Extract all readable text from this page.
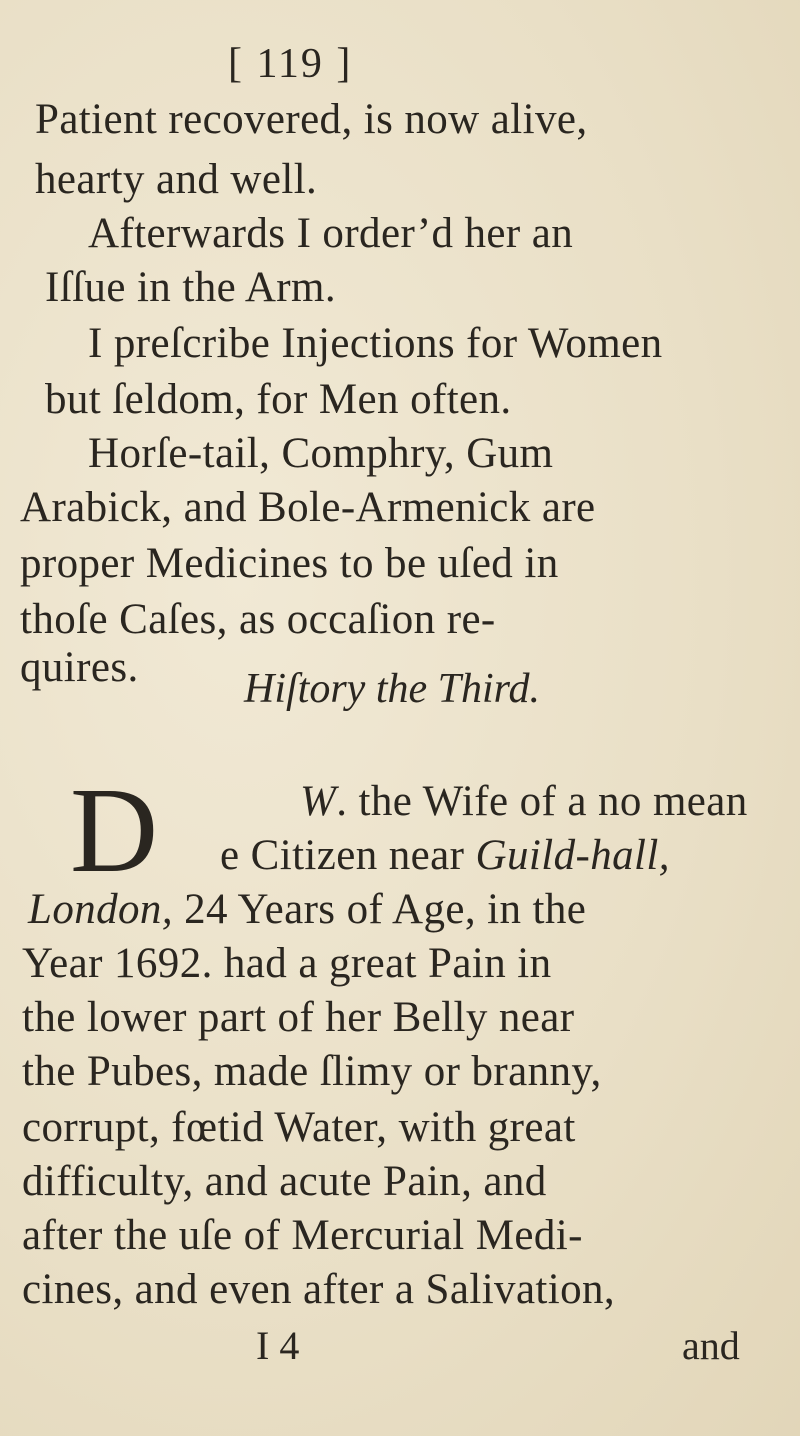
[ 119 ]

Patient recovered, is now alive,

hearty and well.

Afterwards I order’d her an

Iſſue in the Arm.

I preſcribe Injections for Women

but ſeldom, for Men often.

Horſe-tail, Comphry, Gum

Arabick, and Bole-Armenick are

proper Medicines to be uſed in

thoſe Caſes, as occaſion re-

quires.	Hiſtory the Third.

D	W. the Wife of a no mean

e Citizen near Guild-hall,

London, 24 Years of Age, in the

Year 1692. had a great Pain in

the lower part of her Belly near

the Pubes, made ſlimy or branny,

corrupt, fœtid Water, with great

difficulty, and acute Pain, and

after the uſe of Mercurial Medi-

cines, and even after a Salivation,

I 4	and
